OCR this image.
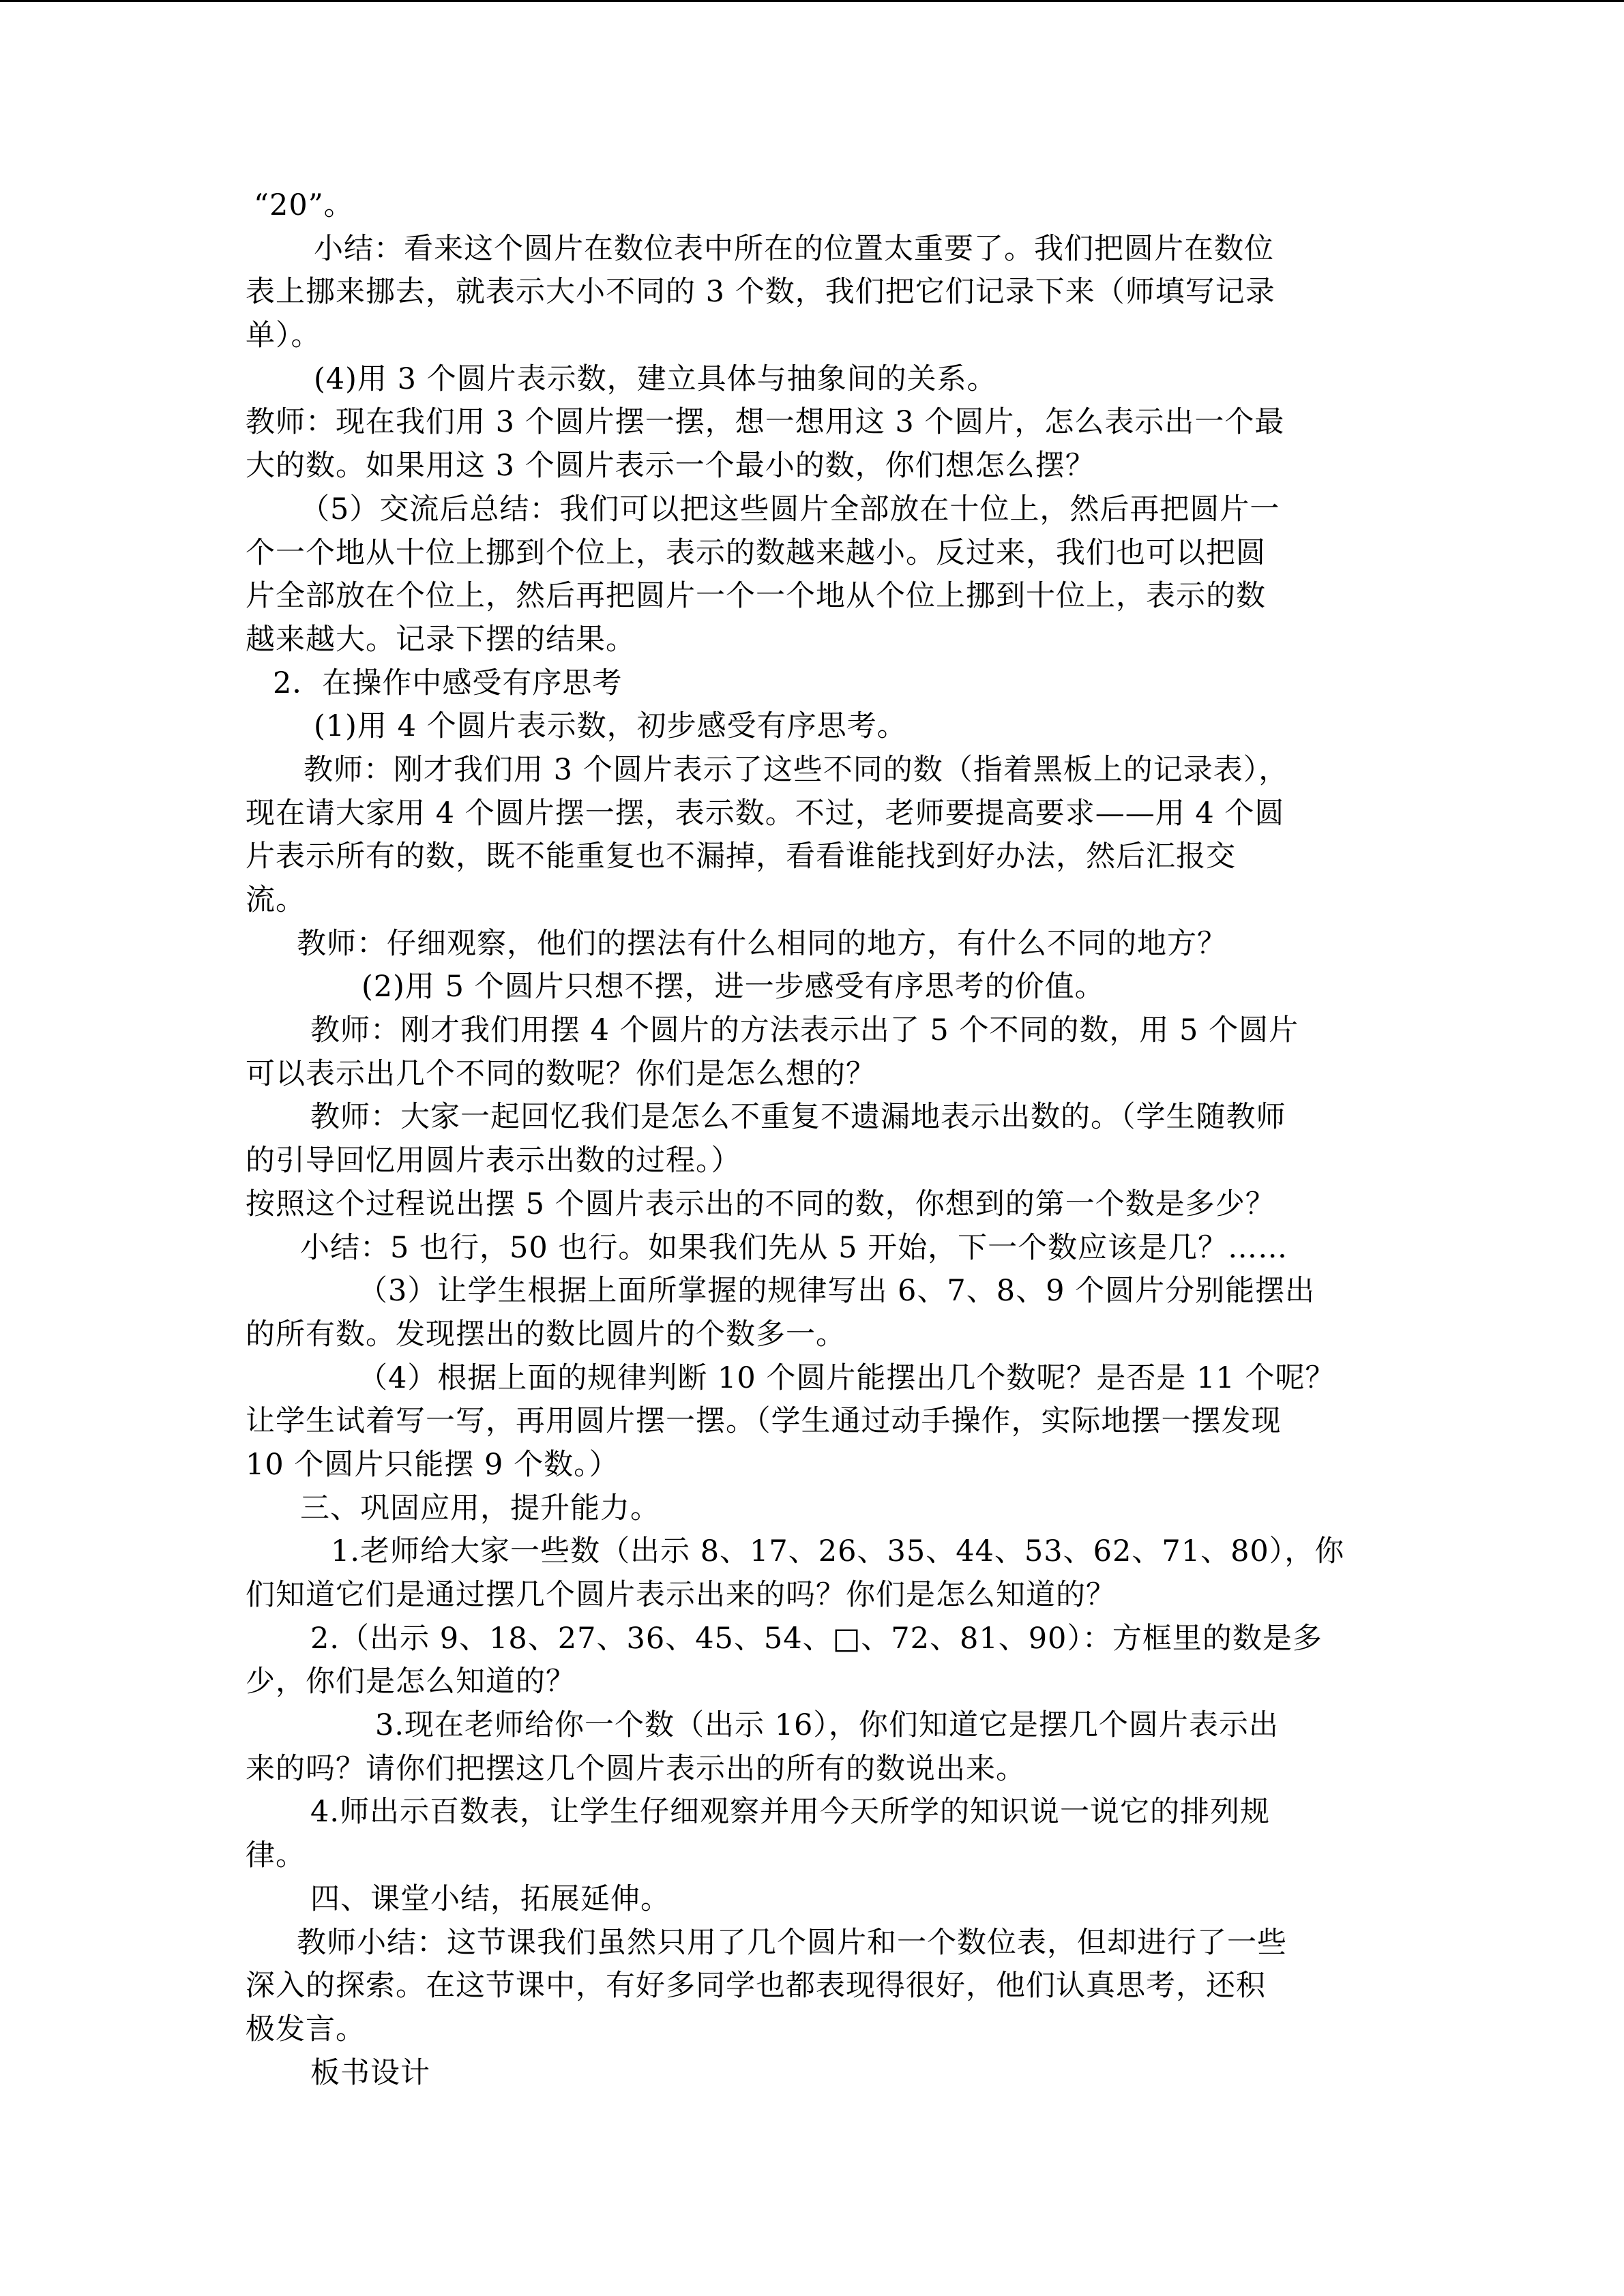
“20”。
小结：看来这个圆片在数位表中所在的位置太重要了。我们把圆片在数位
表上挪来挪去，就表示大小不同的 3 个数，我们把它们记录下来（师填写记录
单）。
(4)用 3 个圆片表示数，建立具体与抽象间的关系。
教师：现在我们用 3 个圆片摆一摆，想一想用这 3 个圆片，怎么表示出一个最
大的数。如果用这 3 个圆片表示一个最小的数，你们想怎么摆？
（5）交流后总结：我们可以把这些圆片全部放在十位上，然后再把圆片一
个一个地从十位上挪到个位上，表示的数越来越小。反过来，我们也可以把圆
片全部放在个位上，然后再把圆片一个一个地从个位上挪到十位上，表示的数
越来越大。记录下摆的结果。
2．在操作中感受有序思考
(1)用 4 个圆片表示数，初步感受有序思考。
教师：刚才我们用 3 个圆片表示了这些不同的数（指着黑板上的记录表），
现在请大家用 4 个圆片摆一摆，表示数。不过，老师要提高要求——用 4 个圆
片表示所有的数，既不能重复也不漏掉，看看谁能找到好办法，然后汇报交
流。
教师：仔细观察，他们的摆法有什么相同的地方，有什么不同的地方？
(2)用 5 个圆片只想不摆，进一步感受有序思考的价值。
教师：刚才我们用摆 4 个圆片的方法表示出了 5 个不同的数，用 5 个圆片
可以表示出几个不同的数呢？你们是怎么想的？
教师：大家一起回忆我们是怎么不重复不遗漏地表示出数的。（学生随教师
的引导回忆用圆片表示出数的过程。）
按照这个过程说出摆 5 个圆片表示出的不同的数，你想到的第一个数是多少？
小结：5 也行，50 也行。如果我们先从 5 开始，下一个数应该是几？……
（3）让学生根据上面所掌握的规律写出 6、7、8、9 个圆片分别能摆出
的所有数。发现摆出的数比圆片的个数多一。
（4）根据上面的规律判断 10 个圆片能摆出几个数呢？是否是 11 个呢？
让学生试着写一写，再用圆片摆一摆。（学生通过动手操作，实际地摆一摆发现
10 个圆片只能摆 9 个数。）
三、巩固应用，提升能力。
1.老师给大家一些数（出示 8、17、26、35、44、53、62、71、80），你
们知道它们是通过摆几个圆片表示出来的吗？你们是怎么知道的？
2.（出示 9、18、27、36、45、54、□、72、81、90）：方框里的数是多
少，你们是怎么知道的？
3.现在老师给你一个数（出示 16），你们知道它是摆几个圆片表示出
来的吗？请你们把摆这几个圆片表示出的所有的数说出来。
4.师出示百数表，让学生仔细观察并用今天所学的知识说一说它的排列规
律。
四、课堂小结，拓展延伸。
教师小结：这节课我们虽然只用了几个圆片和一个数位表，但却进行了一些
深入的探索。在这节课中，有好多同学也都表现得很好，他们认真思考，还积
极发言。
板书设计
